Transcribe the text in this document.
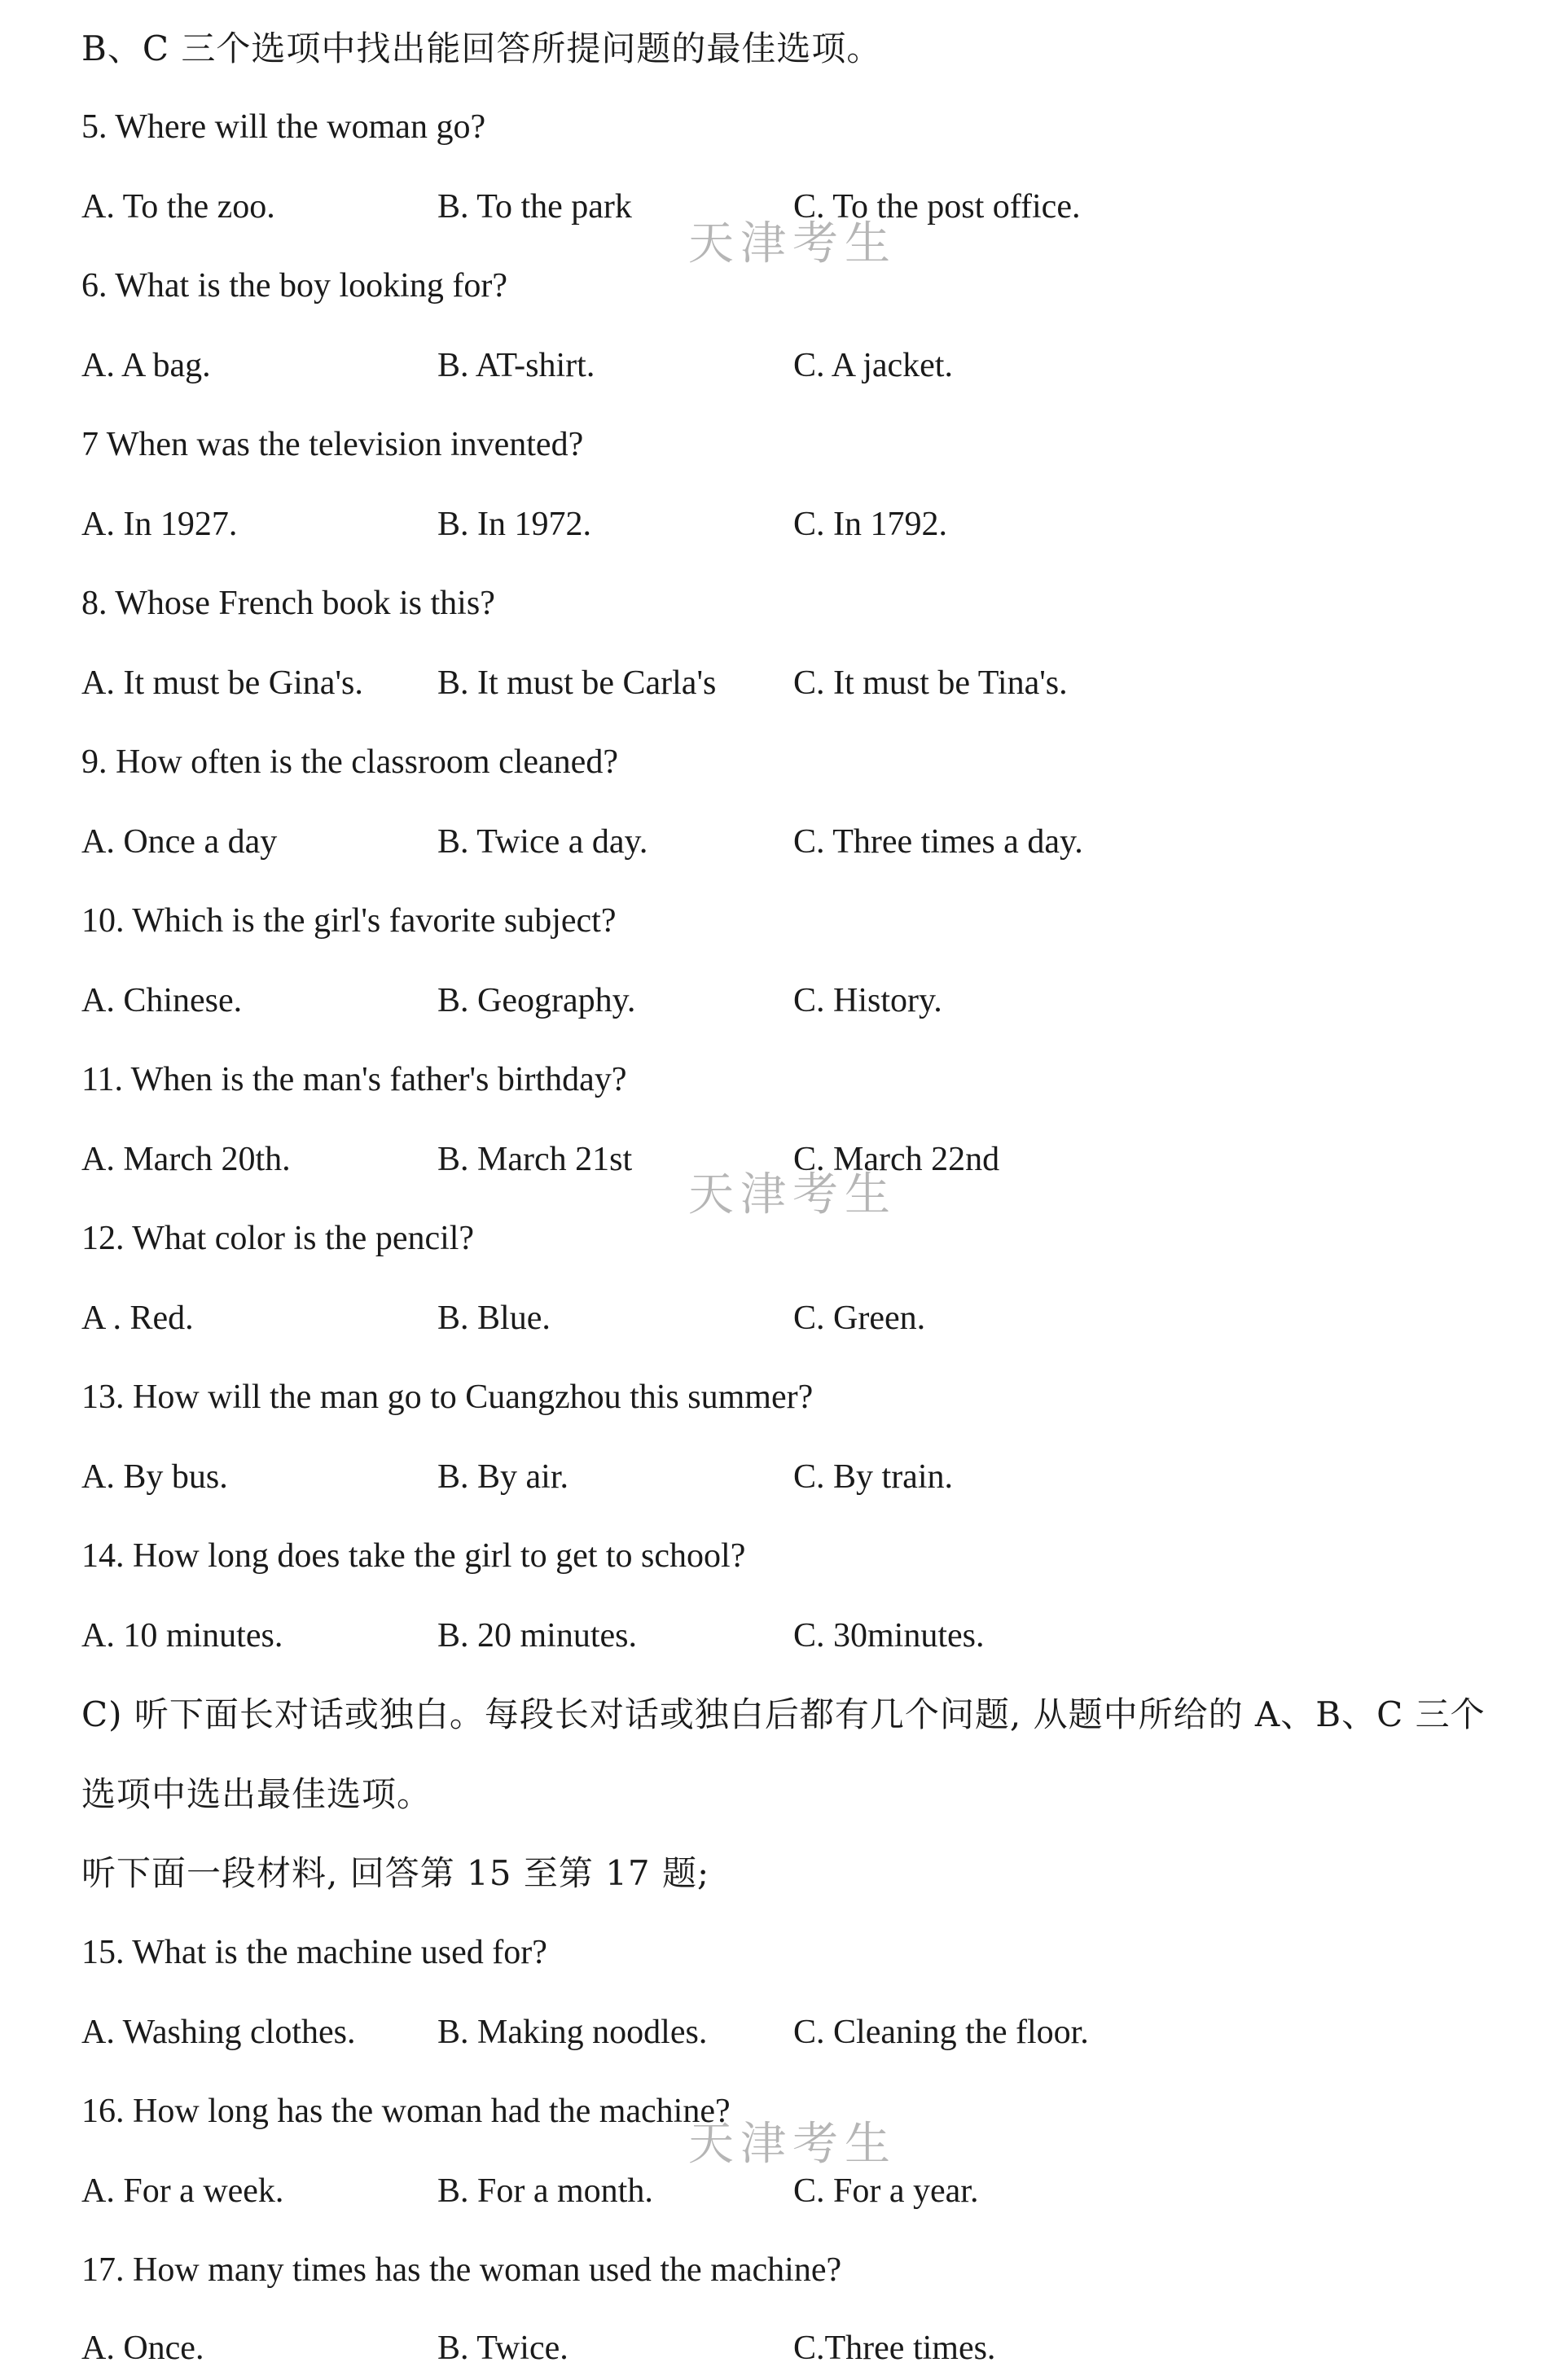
B、C 三个选项中找出能回答所提问题的最佳选项。
5. Where will the woman go?
A. To the zoo.	B. To the park	C. To the post office.
天津考生
6. What is the boy looking for?
A. A bag.	B. AT-shirt.	C. A jacket.
7 When was the television invented?
A. In 1927.	B. In 1972.	C. In 1792.
8. Whose French book is this?
A. It must be Gina's. B. It must be Carla's C. It must be Tina's.
9. How often is the classroom cleaned?
A. Once a day	B. Twice a day.	C. Three times a day.
10. Which is the girl's favorite subject?
A. Chinese.	B. Geography.	C. History.
11. When is the man's father's birthday?
A. March 20th.	B. March 21st	C. March 22nd
天津考生
12. What color is the pencil?
A . Red.	B. Blue.	C. Green.
13. How will the man go to Cuangzhou this summer?
A. By bus.	B. By air.	C. By train.
14. How long does take the girl to get to school?
A. 10 minutes.	B. 20 minutes.	C. 30minutes.
C) 听下面长对话或独白。每段长对话或独白后都有几个问题, 从题中所给的 A、B、C 三个
选项中选出最佳选项。
听下面一段材料, 回答第 15 至第 17 题;
15. What is the machine used for?
A. Washing clothes. B. Making noodles.	C. Cleaning the floor.
16. How long has the woman had the machine?
天津考生
A. For a week.	B. For a month.	C. For a year.
17. How many times has the woman used the machine?
A. Once.	B. Twice.	C.Three times.
